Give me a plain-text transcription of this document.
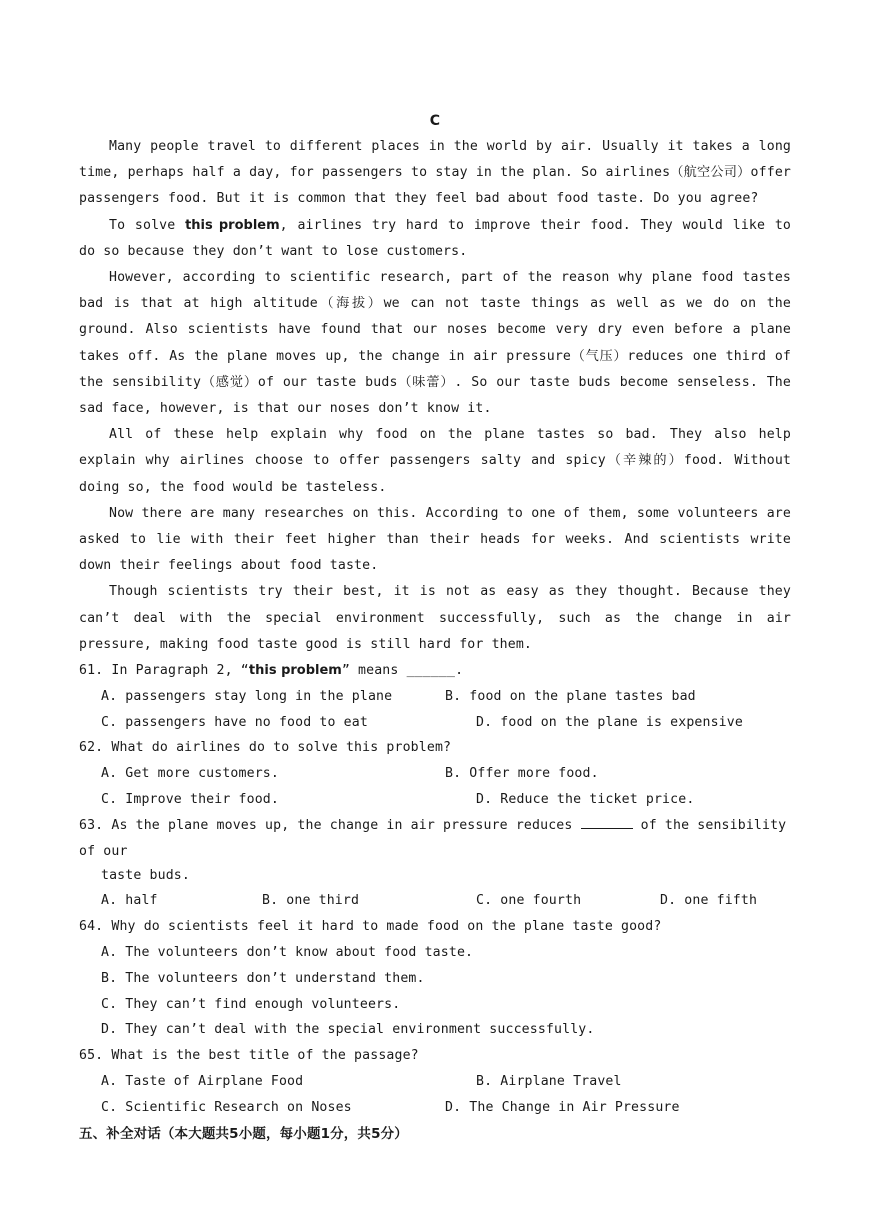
C

Many people travel to different places in the world by air. Usually it takes a long time, perhaps half a day, for passengers to stay in the plan. So airlines（航空公司）offer passengers food. But it is common that they feel bad about food taste. Do you agree?

To solve this problem, airlines try hard to improve their food. They would like to do so because they don’t want to lose customers.

However, according to scientific research, part of the reason why plane food tastes bad is that at high altitude（海拔）we can not taste things as well as we do on the ground. Also scientists have found that our noses become very dry even before a plane takes off. As the plane moves up, the change in air pressure（气压）reduces one third of the sensibility（感觉）of our taste buds（味蕾）. So our taste buds become senseless. The sad face, however, is that our noses don’t know it.

All of these help explain why food on the plane tastes so bad. They also help explain why airlines choose to offer passengers salty and spicy（辛辣的）food. Without doing so, the food would be tasteless.

Now there are many researches on this. According to one of them, some volunteers are asked to lie with their feet higher than their heads for weeks. And scientists write down their feelings about food taste.

Though scientists try their best, it is not as easy as they thought. Because they can’t deal with the special environment successfully, such as the change in air pressure, making food taste good is still hard for them.

61. In Paragraph 2, “this problem” means ______.

A. passengers stay long in the plane	B. food on the plane tastes bad
C. passengers have no food to eat	D. food on the plane is expensive

62. What do airlines do to solve this problem?

A. Get more customers.	B. Offer more food.
C. Improve their food.	D. Reduce the ticket price.

63. As the plane moves up, the change in air pressure reduces	of the sensibility of our

taste buds.

A. half	B. one third	C. one fourth	D. one fifth

64. Why do scientists feel it hard to made food on the plane taste good?

A. The volunteers don’t know about food taste.
B. The volunteers don’t understand them.
C. They can’t find enough volunteers.
D. They can’t deal with the special environment successfully.

65. What is the best title of the passage?

A. Taste of Airplane Food	B. Airplane Travel
C. Scientific Research on Noses	D. The Change in Air Pressure

五、补全对话（本大题共5小题，每小题1分，共5分）
